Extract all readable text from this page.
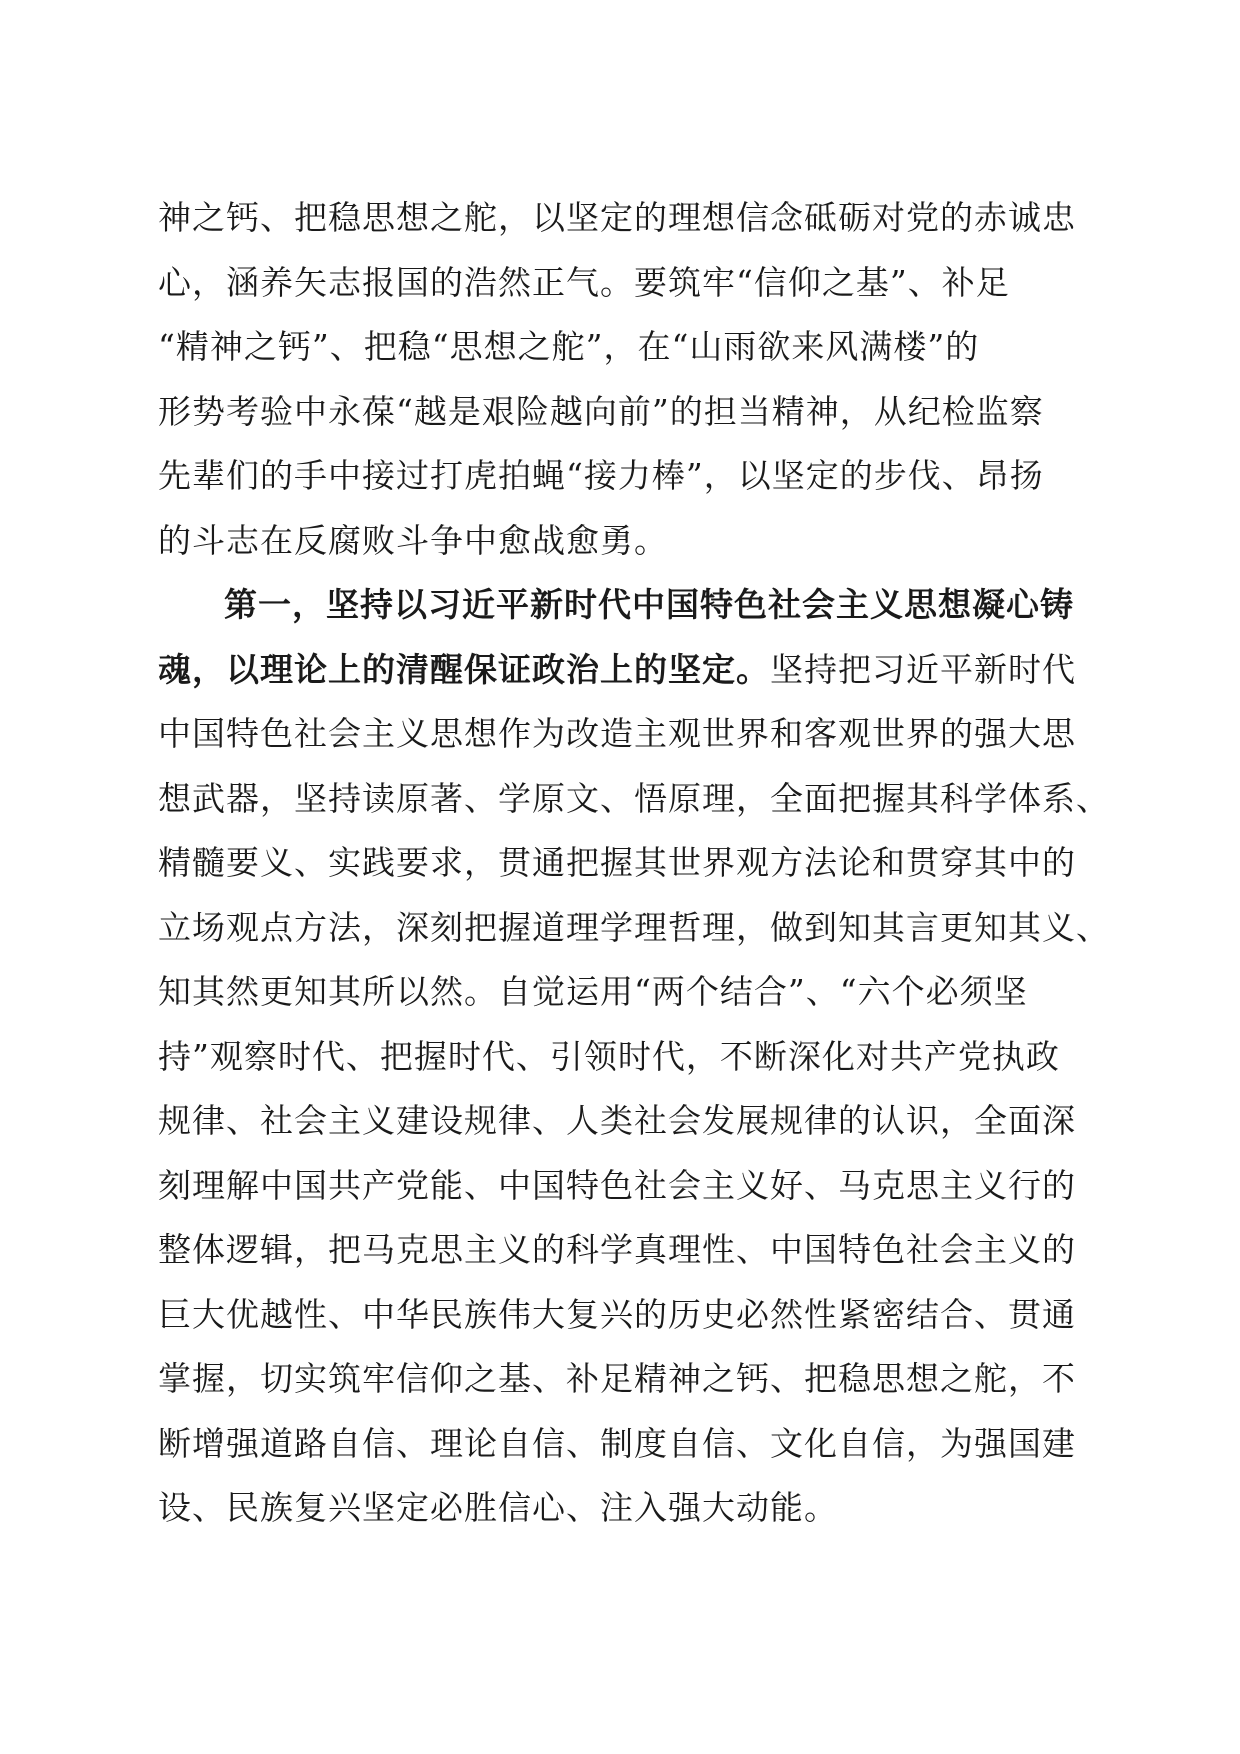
神之钙、把稳思想之舵，以坚定的理想信念砥砺对党的赤诚忠
心，涵养矢志报国的浩然正气。要筑牢“信仰之基”、补足
“精神之钙”、把稳“思想之舵”，在“山雨欲来风满楼”的
形势考验中永葆“越是艰险越向前”的担当精神，从纪检监察
先辈们的手中接过打虎拍蝇“接力棒”，以坚定的步伐、昂扬
的斗志在反腐败斗争中愈战愈勇。
第一，坚持以习近平新时代中国特色社会主义思想凝心铸
魂，以理论上的清醒保证政治上的坚定。坚持把习近平新时代
中国特色社会主义思想作为改造主观世界和客观世界的强大思
想武器，坚持读原著、学原文、悟原理，全面把握其科学体系、
精髓要义、实践要求，贯通把握其世界观方法论和贯穿其中的
立场观点方法，深刻把握道理学理哲理，做到知其言更知其义、
知其然更知其所以然。自觉运用“两个结合”、“六个必须坚
持”观察时代、把握时代、引领时代，不断深化对共产党执政
规律、社会主义建设规律、人类社会发展规律的认识，全面深
刻理解中国共产党能、中国特色社会主义好、马克思主义行的
整体逻辑，把马克思主义的科学真理性、中国特色社会主义的
巨大优越性、中华民族伟大复兴的历史必然性紧密结合、贯通
掌握，切实筑牢信仰之基、补足精神之钙、把稳思想之舵，不
断增强道路自信、理论自信、制度自信、文化自信，为强国建
设、民族复兴坚定必胜信心、注入强大动能。
